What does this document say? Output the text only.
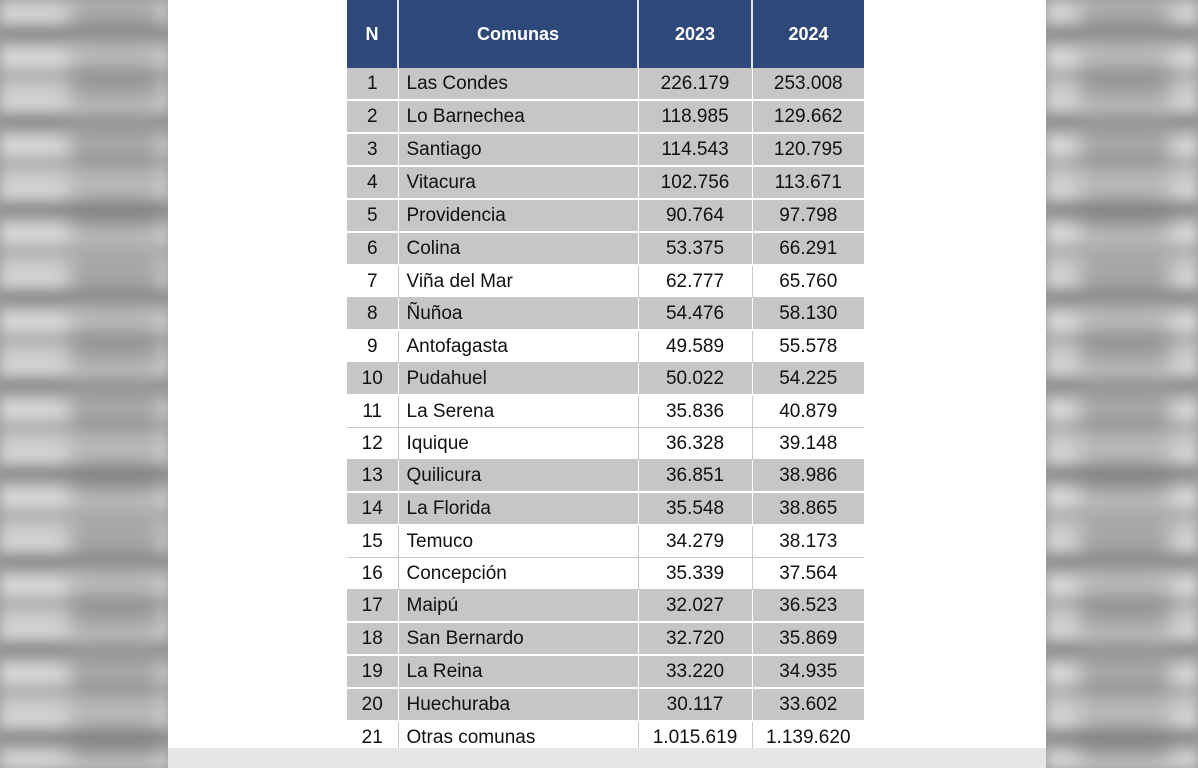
N	Comunas	2023	2024
1	Las Condes	226.179	253.008
2	Lo Barnechea	118.985	129.662
3	Santiago	114.543	120.795
4	Vitacura	102.756	113.671
5	Providencia	90.764	97.798
6	Colina	53.375	66.291
7	Viña del Mar	62.777	65.760
8	Ñuñoa	54.476	58.130
9	Antofagasta	49.589	55.578
10	Pudahuel	50.022	54.225
11	La Serena	35.836	40.879
12	Iquique	36.328	39.148
13	Quilicura	36.851	38.986
14	La Florida	35.548	38.865
15	Temuco	34.279	38.173
16	Concepción	35.339	37.564
17	Maipú	32.027	36.523
18	San Bernardo	32.720	35.869
19	La Reina	33.220	34.935
20	Huechuraba	30.117	33.602
21	Otras comunas	1.015.619	1.139.620
